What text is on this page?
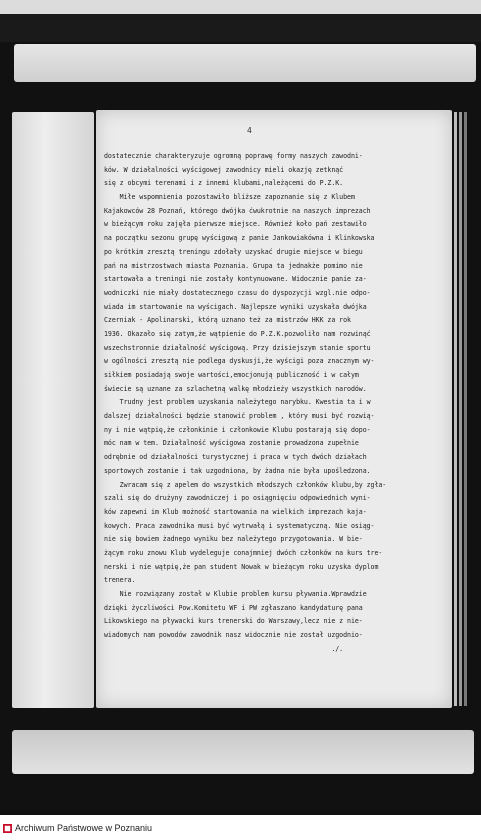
4
dostatecznie charakteryzuje ogromną poprawę formy naszych zawodni-
ków. W działalności wyścigowej zawodnicy mieli okazję zetknąć
się z obcymi terenami i z innemi klubami,należącemi do P.Z.K.
Miłe wspomnienia pozostawiło bliższe zapoznanie się z Klubem
Kajakowców 28 Poznań, którego dwójka ćwukrotnie na naszych imprezach
w bieżącym roku zajęła pierwsze miejsce. Również koło pań zestawiło
na początku sezonu grupę wyścigową z panie Jankowiakówna i Klinkowska
po krótkim zresztą treningu zdołały uzyskać drugie miejsce w biegu
pań na mistrzostwach miasta Poznania. Grupa ta jednakże pomimo nie
startowała a treningi nie zostały kontynuowane. Widocznie panie za-
wodniczki nie miały dostatecznego czasu do dyspozycji wzgl.nie odpo-
wiada im startowanie na wyścigach. Najlepsze wyniki uzyskała dwójka
Czerniak - Apolinarski, którą uznano też za mistrzów HKK za rok
1936. Okazało się zatym,że wątpienie do P.Z.K.pozwoliło nam rozwinąć
wszechstronnie działalność wyścigową. Przy dzisiejszym stanie sportu
w ogólności zresztą nie podlega dyskusji,że wyścigi poza znacznym wy-
siłkiem posiadają swoje wartości,emocjonują publiczność i w całym
świecie są uznane za szlachetną walkę młodzieży wszystkich narodów.
Trudny jest problem uzyskania należytego narybku. Kwestia ta i w
dalszej działalności będzie stanowić problem , który musi być rozwią-
ny i nie wątpię,że członkinie i członkowie Klubu postarają się dopo-
móc nam w tem. Działalność wyścigowa zostanie prowadzona zupełnie
odrębnie od działalności turystycznej i praca w tych dwóch działach
sportowych zostanie i tak uzgodniona, by żadna nie była upośledzona.
Zwracam się z apelem do wszystkich młodszych członków klubu,by zgła-
szali się do drużyny zawodniczej i po osiągnięciu odpowiednich wyni-
ków zapewni im Klub możność startowania na wielkich imprezach kaja-
kowych. Praca zawodnika musi być wytrwałą i systematyczną. Nie osiąg-
nie się bowiem żadnego wyniku bez należytego przygotowania. W bie-
żącym roku znowu Klub wydeleguje conajmniej dwóch członków na kurs tre-
nerski i nie wątpię,że pan student Nowak w bieżącym roku uzyska dyplom
trenera.
Nie rozwiązany został w Klubie problem kursu pływania.Wprawdzie
dzięki życzliwości Pow.Komitetu WF i PW zgłaszano kandydaturę pana
Likowskiego na pływacki kurs trenerski do Warszawy,lecz nie z nie-
wiadomych nam powodów zawodnik nasz widocznie nie został uzgodnio-
./.
Archiwum Państwowe w Poznaniu
